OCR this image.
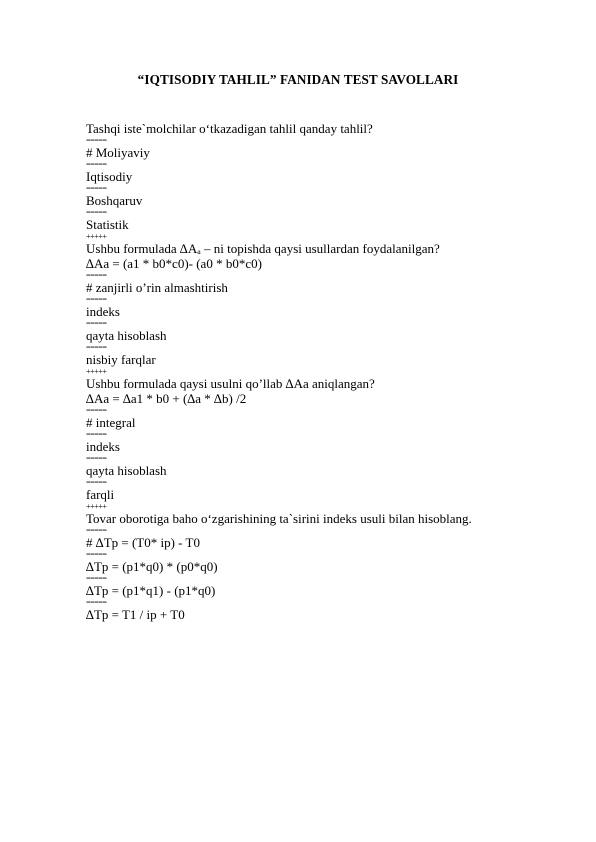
“IQTISODIY TAHLIL” FANIDAN TEST SAVOLLARI
Tashqi iste`molchilar o‘tkazadigan tahlil qanday tahlil?
=====
# Moliyaviy
=====
Iqtisodiy
=====
Boshqaruv
=====
Statistik
+++++
Ushbu formulada ∆Aₐ – ni topishda qaysi usullardan foydalanilgan?
∆Aa = (a1 * b0*c0)- (a0 * b0*c0)
=====
# zanjirli o’rin almashtirish
=====
indeks
=====
qayta hisoblash
=====
nisbiy farqlar
+++++
Ushbu formulada qaysi usulni qo’llab ∆Aa aniqlangan?
∆Aa = ∆a1 * b0 + (∆a * ∆b) /2
=====
# integral
=====
indeks
=====
qayta hisoblash
=====
farqli
+++++
Tovar oborotiga baho o‘zgarishining ta`sirini indeks usuli bilan hisoblang.
=====
# ∆Tp = (T0* ip) - T0
=====
∆Tp = (p1*q0) * (p0*q0)
=====
∆Tp = (p1*q1) - (p1*q0)
=====
∆Tp = T1 / ip + T0
